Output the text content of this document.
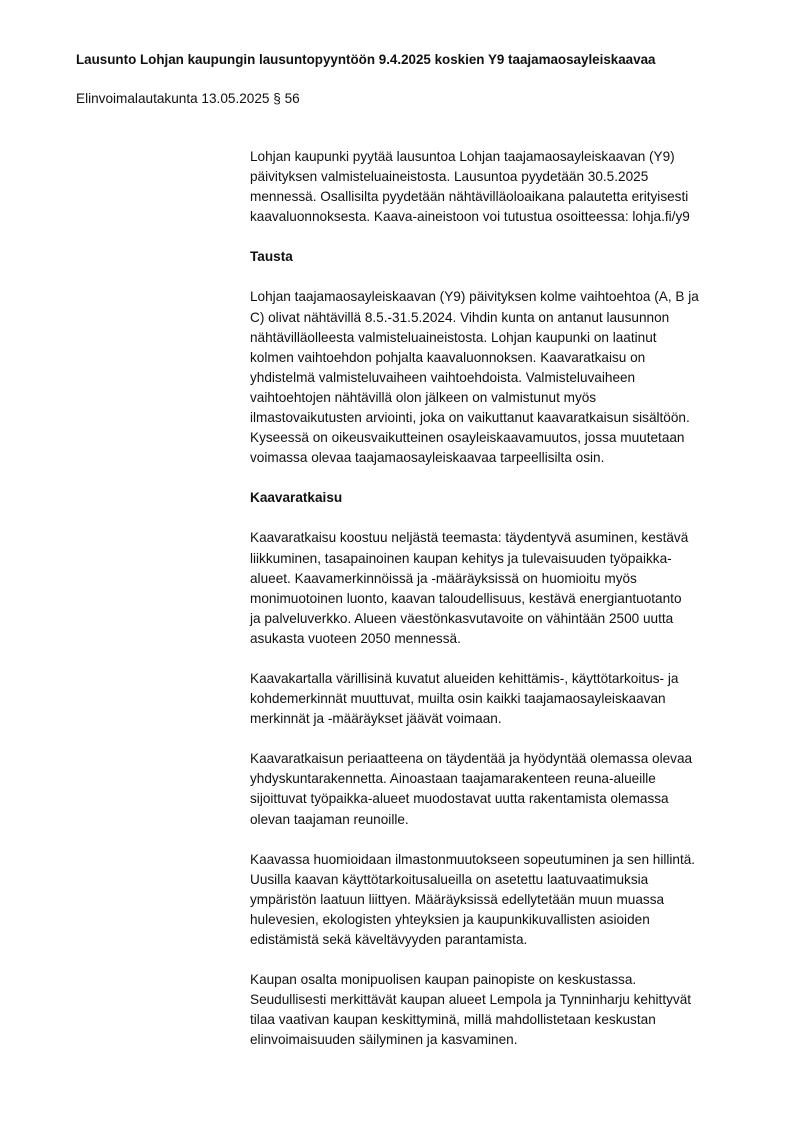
Lausunto Lohjan kaupungin lausuntopyyntöön 9.4.2025 koskien Y9 taajamaosayleiskaavaa
Elinvoimalautakunta 13.05.2025 § 56
Lohjan kaupunki pyytää lausuntoa Lohjan taajamaosayleiskaavan (Y9)
päivityksen valmisteluaineistosta. Lausuntoa pyydetään 30.5.2025
mennessä. Osallisilta pyydetään nähtävilläoloaikana palautetta erityisesti
kaavaluonnoksesta. Kaava-aineistoon voi tutustua osoitteessa: lohja.fi/y9
Tausta
Lohjan taajamaosayleiskaavan (Y9) päivityksen kolme vaihtoehtoa (A, B ja
C) olivat nähtävillä 8.5.-31.5.2024. Vihdin kunta on antanut lausunnon
nähtävilläolleesta valmisteluaineistosta. Lohjan kaupunki on laatinut
kolmen vaihtoehdon pohjalta kaavaluonnoksen. Kaavaratkaisu on
yhdistelmä valmisteluvaiheen vaihtoehdoista. Valmisteluvaiheen
vaihtoehtojen nähtävillä olon jälkeen on valmistunut myös
ilmastovaikutusten arviointi, joka on vaikuttanut kaavaratkaisun sisältöön.
Kyseessä on oikeusvaikutteinen osayleiskaavamuutos, jossa muutetaan
voimassa olevaa taajamaosayleiskaavaa tarpeellisilta osin.
Kaavaratkaisu
Kaavaratkaisu koostuu neljästä teemasta: täydentyvä asuminen, kestävä
liikkuminen, tasapainoinen kaupan kehitys ja tulevaisuuden työpaikka-
alueet. Kaavamerkinnöissä ja -määräyksissä on huomioitu myös
monimuotoinen luonto, kaavan taloudellisuus, kestävä energiantuotanto
ja palveluverkko. Alueen väestönkasvutavoite on vähintään 2500 uutta
asukasta vuoteen 2050 mennessä.
Kaavakartalla värillisinä kuvatut alueiden kehittämis-, käyttötarkoitus- ja
kohdemerkinnät muuttuvat, muilta osin kaikki taajamaosayleiskaavan
merkinnät ja -määräykset jäävät voimaan.
Kaavaratkaisun periaatteena on täydentää ja hyödyntää olemassa olevaa
yhdyskuntarakennetta. Ainoastaan taajamarakenteen reuna-alueille
sijoittuvat työpaikka-alueet muodostavat uutta rakentamista olemassa
olevan taajaman reunoille.
Kaavassa huomioidaan ilmastonmuutokseen sopeutuminen ja sen hillintä.
Uusilla kaavan käyttötarkoitusalueilla on asetettu laatuvaatimuksia
ympäristön laatuun liittyen. Määräyksissä edellytetään muun muassa
hulevesien, ekologisten yhteyksien ja kaupunkikuvallisten asioiden
edistämistä sekä käveltävyyden parantamista.
Kaupan osalta monipuolisen kaupan painopiste on keskustassa.
Seudullisesti merkittävät kaupan alueet Lempola ja Tynninharju kehittyvät
tilaa vaativan kaupan keskittyminä, millä mahdollistetaan keskustan
elinvoimaisuuden säilyminen ja kasvaminen.
